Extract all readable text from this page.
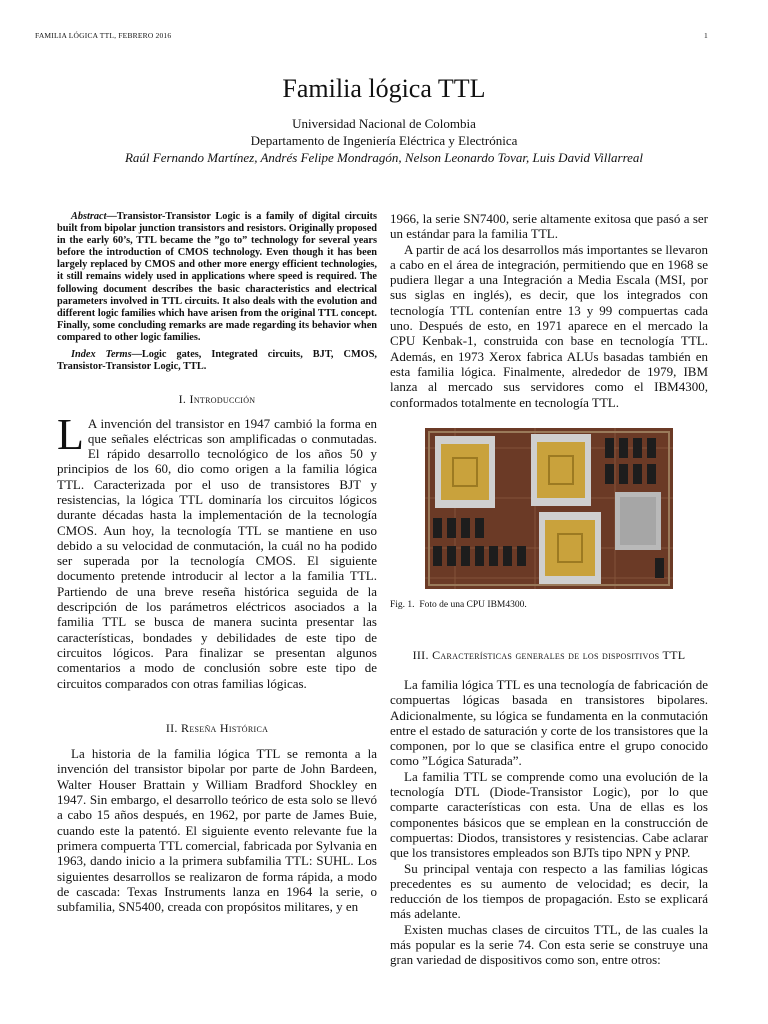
FAMILIA LÓGICA TTL, FEBRERO 2016	1
Familia lógica TTL
Universidad Nacional de Colombia
Departamento de Ingeniería Eléctrica y Electrónica
Raúl Fernando Martínez, Andrés Felipe Mondragón, Nelson Leonardo Tovar, Luis David Villarreal

Abstract—Transistor-Transistor Logic is a family of digital circuits built from bipolar junction transistors and resistors. Originally proposed in the early 60’s, TTL became the ”go to” technology for several years before the introduction of CMOS technology. Even though it has been largely replaced by CMOS and other more energy efficient technologies, it still remains widely used in applications where speed is required. The following document describes the basic characteristics and electrical parameters involved in TTL circuits. It also deals with the evolution and different logic families which have arisen from the original TTL concept. Finally, some concluding remarks are made regarding its behavior when compared to other logic families.

Index Terms—Logic gates, Integrated circuits, BJT, CMOS, Transistor-Transistor Logic, TTL.

I. Introducción

L A invención del transistor en 1947 cambió la forma en que señales eléctricas son amplificadas o conmutadas. El rápido desarrollo tecnológico de los años 50 y principios de los 60, dio como origen a la familia lógica TTL. Caracterizada por el uso de transistores BJT y resistencias, la lógica TTL dominaría los circuitos lógicos durante décadas hasta la implementación de la tecnología CMOS. Aun hoy, la tecnología TTL se mantiene en uso debido a su velocidad de conmutación, la cuál no ha podido ser superada por la tecnología CMOS. El siguiente documento pretende introducir al lector a la familia TTL. Partiendo de una breve reseña histórica seguida de la descripción de los parámetros eléctricos asociados a la familia TTL se busca de manera sucinta presentar las características, bondades y debilidades de este tipo de circuitos lógicos. Para finalizar se presentan algunos comentarios a modo de conclusión sobre este tipo de circuitos comparados con otras familias lógicas.

II. Reseña Histórica

La historia de la familia lógica TTL se remonta a la invención del transistor bipolar por parte de John Bardeen, Walter Houser Brattain y William Bradford Shockley en 1947. Sin embargo, el desarrollo teórico de esta solo se llevó a cabo 15 años después, en 1962, por parte de James Buie, cuando este la patentó. El siguiente evento relevante fue la primera compuerta TTL comercial, fabricada por Sylvania en 1963, dando inicio a la primera subfamilia TTL: SUHL. Los siguientes desarrollos se realizaron de forma rápida, a modo de cascada: Texas Instruments lanza en 1964 la serie, o subfamilia, SN5400, creada con propósitos militares, y en

1966, la serie SN7400, serie altamente exitosa que pasó a ser un estándar para la familia TTL.

A partir de acá los desarrollos más importantes se llevaron a cabo en el área de integración, permitiendo que en 1968 se pudiera llegar a una Integración a Media Escala (MSI, por sus siglas en inglés), es decir, que los integrados con tecnología TTL contenían entre 13 y 99 compuertas cada uno. Después de esto, en 1971 aparece en el mercado la CPU Kenbak-1, construida con base en tecnología TTL. Además, en 1973 Xerox fabrica ALUs basadas también en esta familia lógica. Finalmente, alrededor de 1979, IBM lanza al mercado sus servidores como el IBM4300, conformados totalmente en tecnología TTL.

Fig. 1. Foto de una CPU IBM4300.
III. Características generales de los dispositivos TTL

La familia lógica TTL es una tecnología de fabricación de compuertas lógicas basada en transistores bipolares. Adicionalmente, su lógica se fundamenta en la conmutación entre el estado de saturación y corte de los transistores que la componen, por lo que se clasifica entre el grupo conocido como ”Lógica Saturada”.

La familia TTL se comprende como una evolución de la tecnología DTL (Diode-Transistor Logic), por lo que comparte características con esta. Una de ellas es los componentes básicos que se emplean en la construcción de compuertas: Diodos, transistores y resistencias. Cabe aclarar que los transistores empleados son BJTs tipo NPN y PNP.

Su principal ventaja con respecto a las familias lógicas precedentes es su aumento de velocidad; es decir, la reducción de los tiempos de propagación. Esto se explicará más adelante.

Existen muchas clases de circuitos TTL, de las cuales la más popular es la serie 74. Con esta serie se construye una gran variedad de dispositivos como son, entre otros:
